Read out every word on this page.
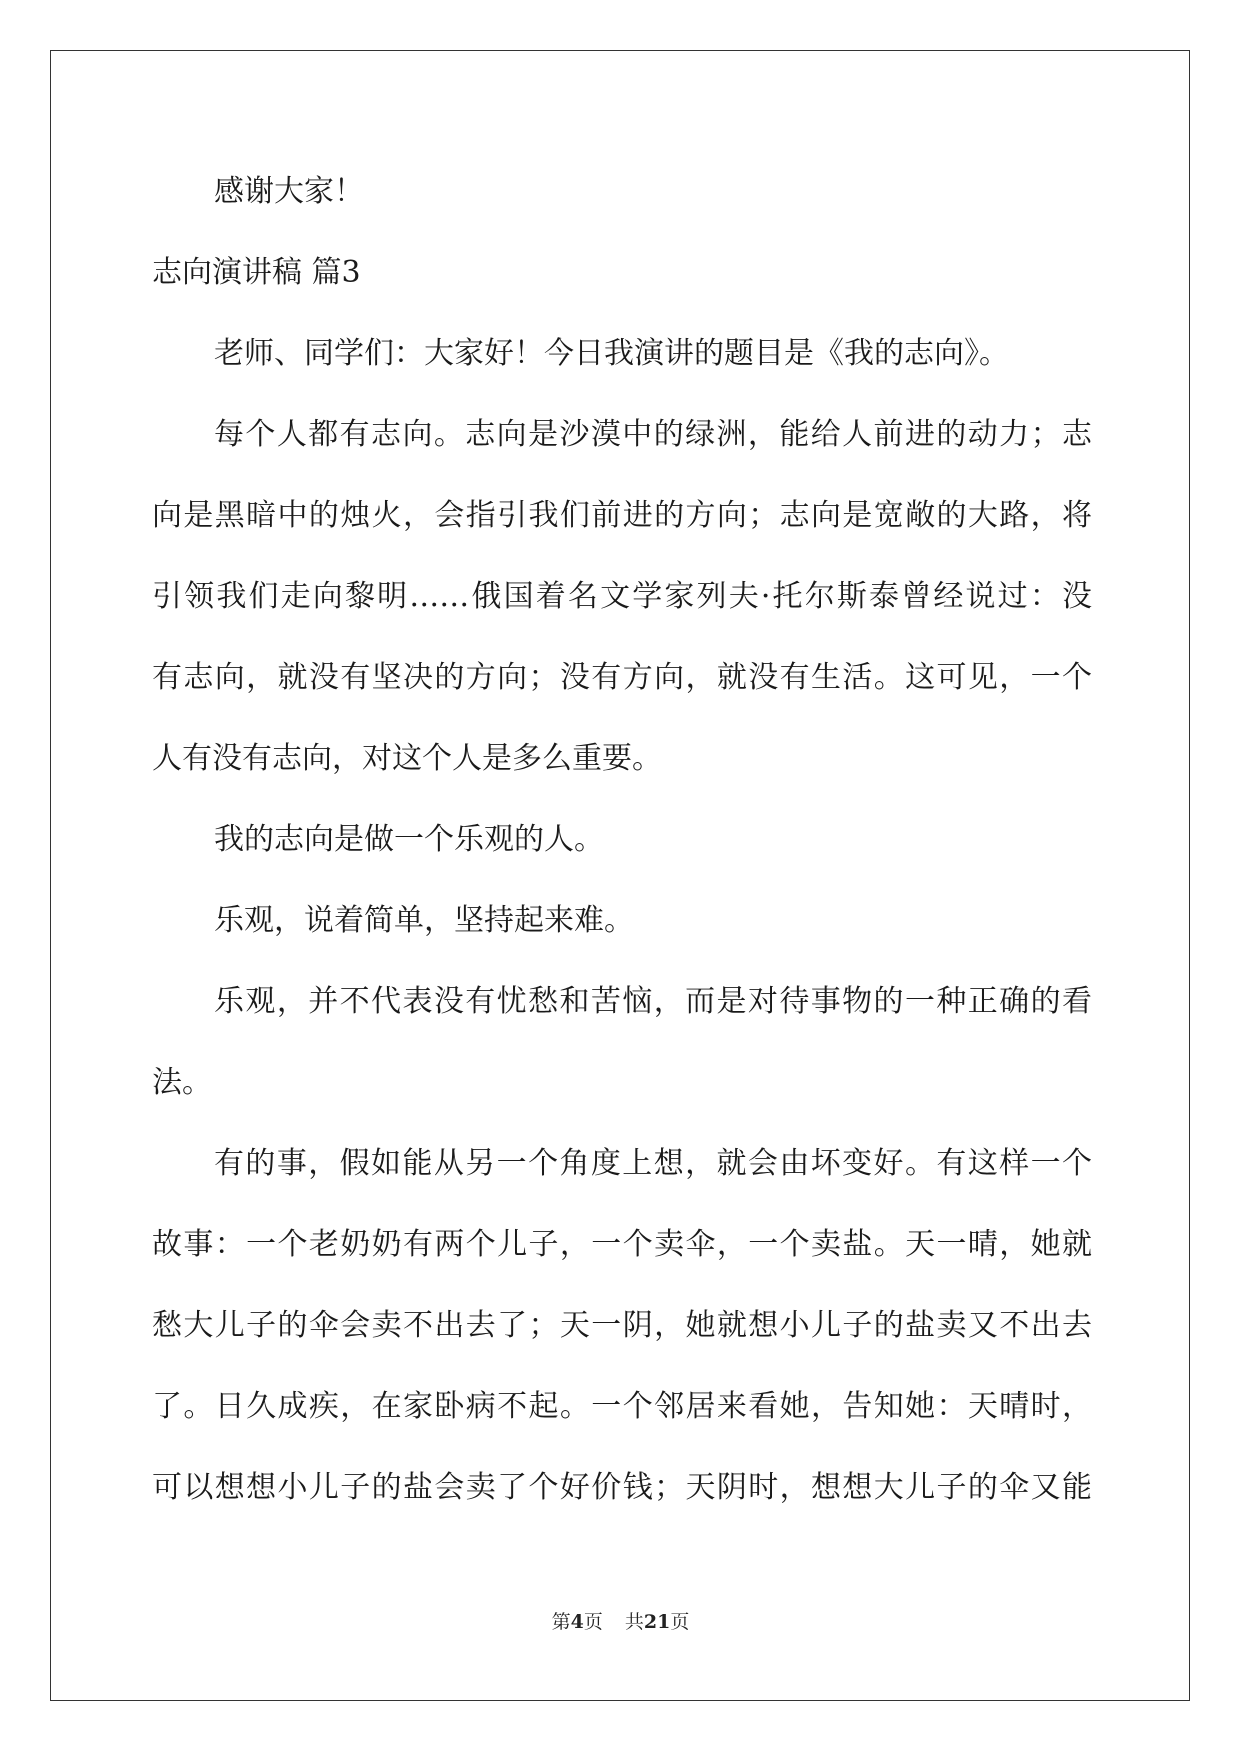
感谢大家！
志向演讲稿 篇3
老师、同学们：大家好！今日我演讲的题目是《我的志向》。
每个人都有志向。志向是沙漠中的绿洲，能给人前进的动力；志
向是黑暗中的烛火，会指引我们前进的方向；志向是宽敞的大路，将
引领我们走向黎明……俄国着名文学家列夫·托尔斯泰曾经说过：没
有志向，就没有坚决的方向；没有方向，就没有生活。这可见，一个
人有没有志向，对这个人是多么重要。
我的志向是做一个乐观的人。
乐观，说着简单，坚持起来难。
乐观，并不代表没有忧愁和苦恼，而是对待事物的一种正确的看
法。
有的事，假如能从另一个角度上想，就会由坏变好。有这样一个
故事：一个老奶奶有两个儿子，一个卖伞，一个卖盐。天一晴，她就
愁大儿子的伞会卖不出去了；天一阴，她就想小儿子的盐卖又不出去
了。日久成疾，在家卧病不起。一个邻居来看她，告知她：天晴时，
可以想想小儿子的盐会卖了个好价钱；天阴时，想想大儿子的伞又能
第4页 共21页
